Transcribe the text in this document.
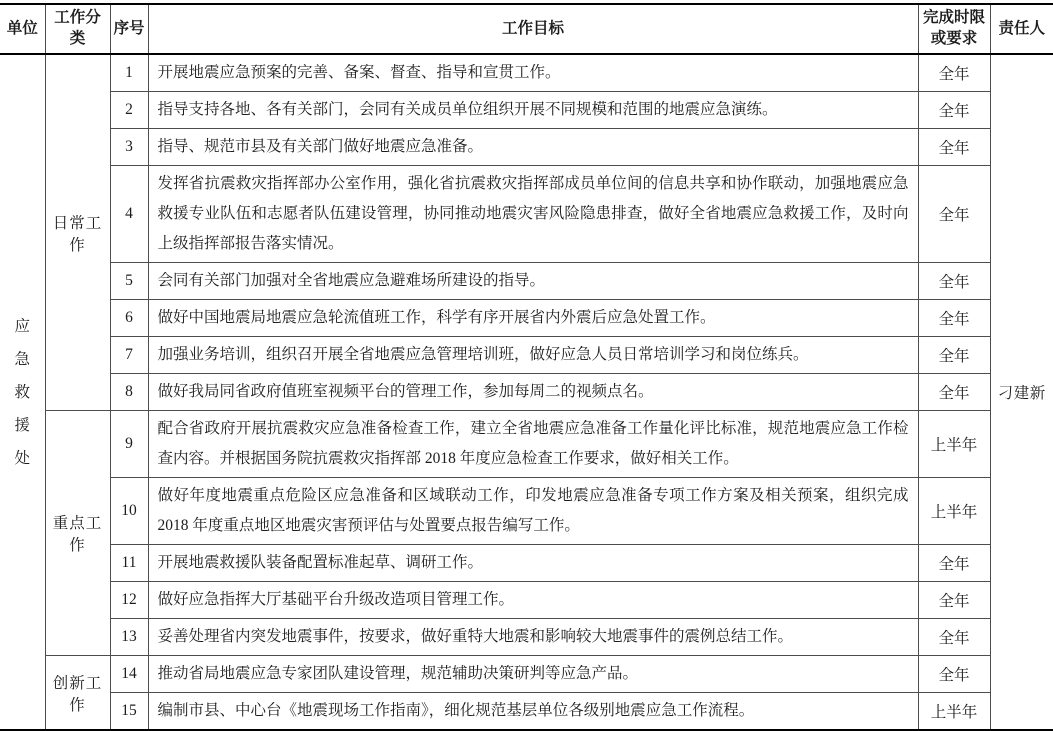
单位	工作分类	序号	工作目标	完成时限或要求	责任人
应急救援处	日常工作	1	开展地震应急预案的完善、备案、督查、指导和宣贯工作。	全年	刁建新
		2	指导支持各地、各有关部门，会同有关成员单位组织开展不同规模和范围的地震应急演练。	全年	
		3	指导、规范市县及有关部门做好地震应急准备。	全年	
		4	发挥省抗震救灾指挥部办公室作用，强化省抗震救灾指挥部成员单位间的信息共享和协作联动，加强地震应急救援专业队伍和志愿者队伍建设管理，协同推动地震灾害风险隐患排查，做好全省地震应急救援工作，及时向上级指挥部报告落实情况。	全年	
		5	会同有关部门加强对全省地震应急避难场所建设的指导。	全年	
		6	做好中国地震局地震应急轮流值班工作，科学有序开展省内外震后应急处置工作。	全年	
		7	加强业务培训，组织召开展全省地震应急管理培训班，做好应急人员日常培训学习和岗位练兵。	全年	
		8	做好我局同省政府值班室视频平台的管理工作，参加每周二的视频点名。	全年	
	重点工作	9	配合省政府开展抗震救灾应急准备检查工作，建立全省地震应急准备工作量化评比标准，规范地震应急工作检查内容。并根据国务院抗震救灾指挥部 2018 年度应急检查工作要求，做好相关工作。	上半年	
		10	做好年度地震重点危险区应急准备和区域联动工作，印发地震应急准备专项工作方案及相关预案，组织完成 2018 年度重点地区地震灾害预评估与处置要点报告编写工作。	上半年	
		11	开展地震救援队装备配置标准起草、调研工作。	全年	
		12	做好应急指挥大厅基础平台升级改造项目管理工作。	全年	
		13	妥善处理省内突发地震事件，按要求，做好重特大地震和影响较大地震事件的震例总结工作。	全年	
	创新工作	14	推动省局地震应急专家团队建设管理，规范辅助决策研判等应急产品。	全年	
		15	编制市县、中心台《地震现场工作指南》，细化规范基层单位各级别地震应急工作流程。	上半年	
